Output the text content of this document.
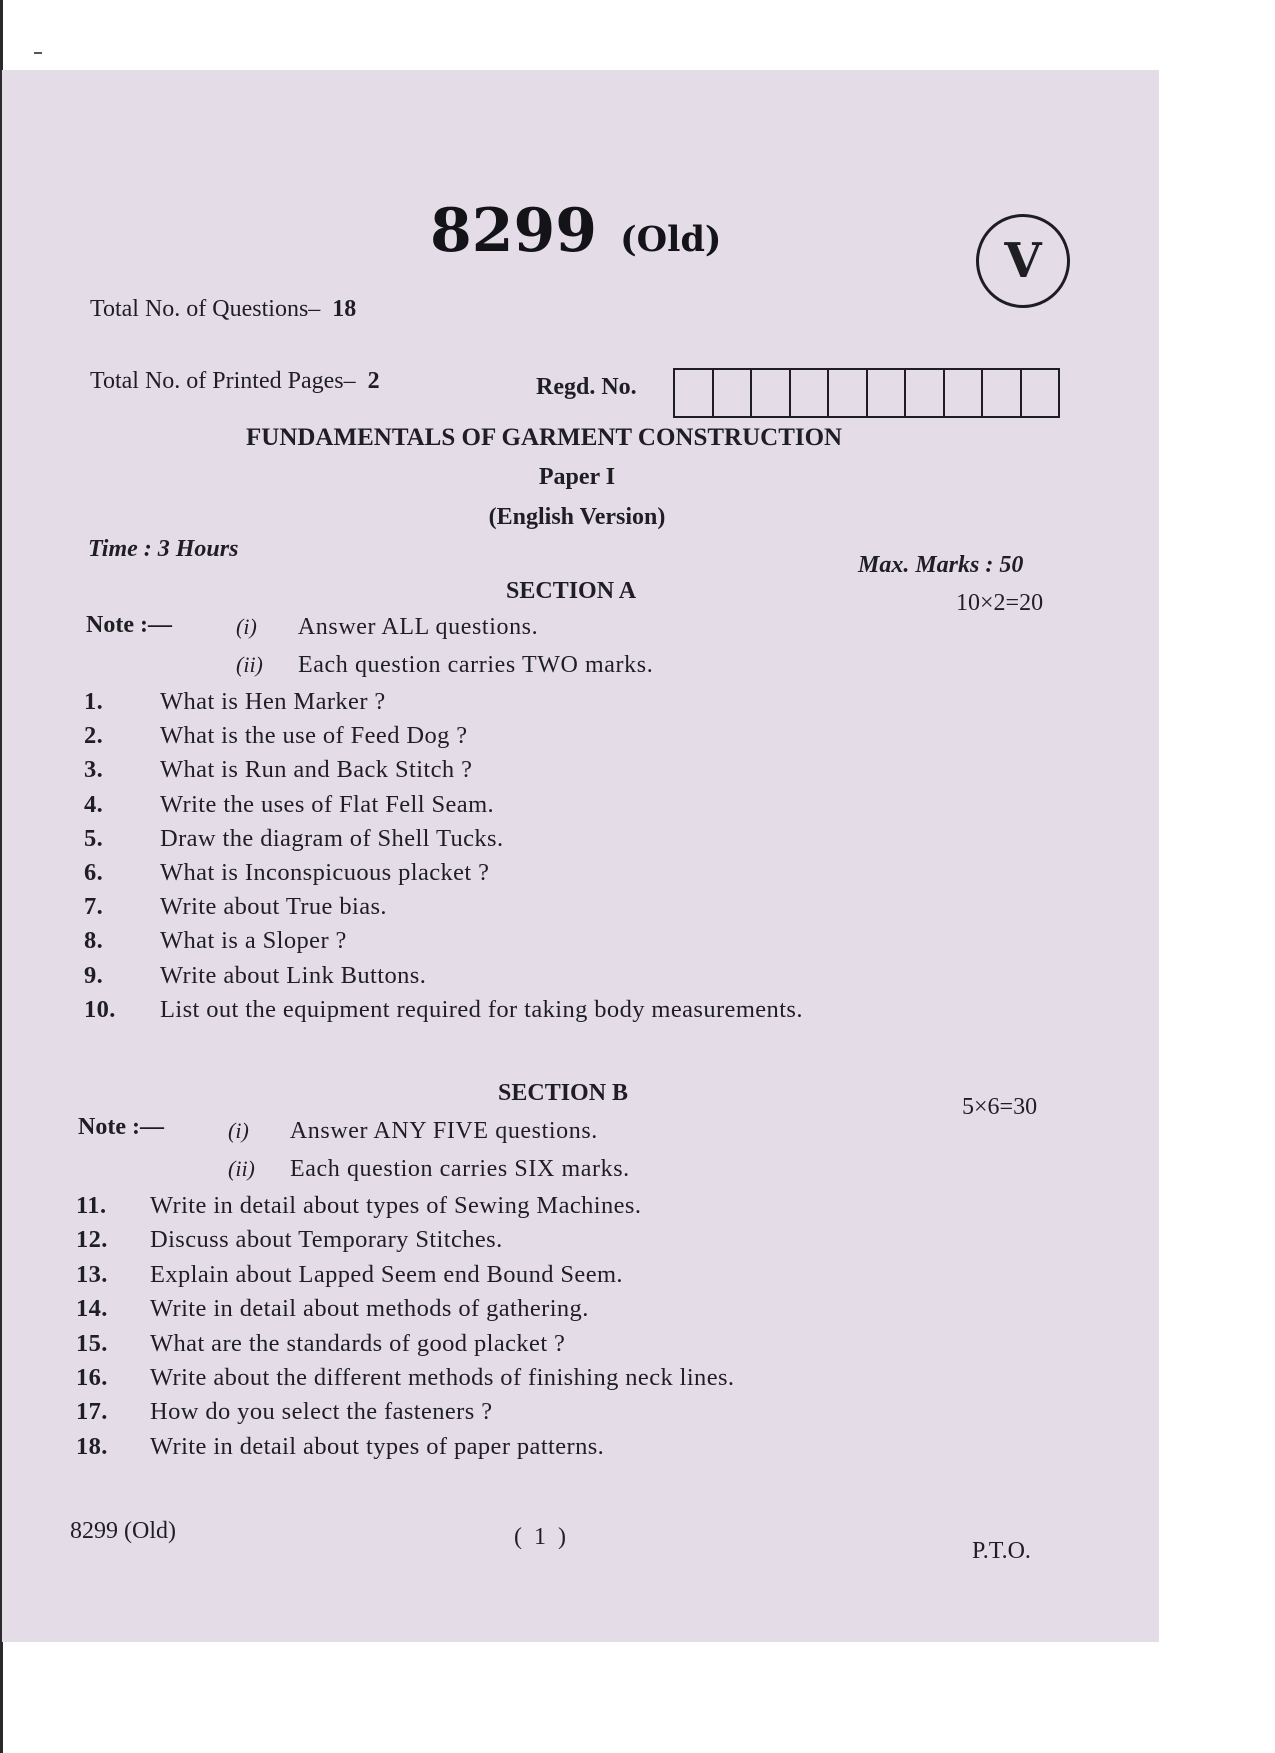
8299 (Old)	V
Total No. of Questions– 18
Total No. of Printed Pages– 2	Regd. No.
FUNDAMENTALS OF GARMENT CONSTRUCTION
Paper I
(English Version)
Time : 3 Hours
Max. Marks : 50
SECTION A	10×2=20
Note :—	(i) Answer ALL questions.
(ii) Each question carries TWO marks.
1.	What is Hen Marker ?
2.	What is the use of Feed Dog ?
3.	What is Run and Back Stitch ?
4.	Write the uses of Flat Fell Seam.
5.	Draw the diagram of Shell Tucks.
6.	What is Inconspicuous placket ?
7.	Write about True bias.
8.	What is a Sloper ?
9.	Write about Link Buttons.
10.	List out the equipment required for taking body measurements.
SECTION B
5×6=30
Note :—	(i) Answer ANY FIVE questions.
(ii) Each question carries SIX marks.
11.	Write in detail about types of Sewing Machines.
12.	Discuss about Temporary Stitches.
13.	Explain about Lapped Seem end Bound Seem.
14.	Write in detail about methods of gathering.
15.	What are the standards of good placket ?
16.	Write about the different methods of finishing neck lines.
17.	How do you select the fasteners ?
18.	Write in detail about types of paper patterns.
8299 (Old)	( 1 )
P.T.O.
